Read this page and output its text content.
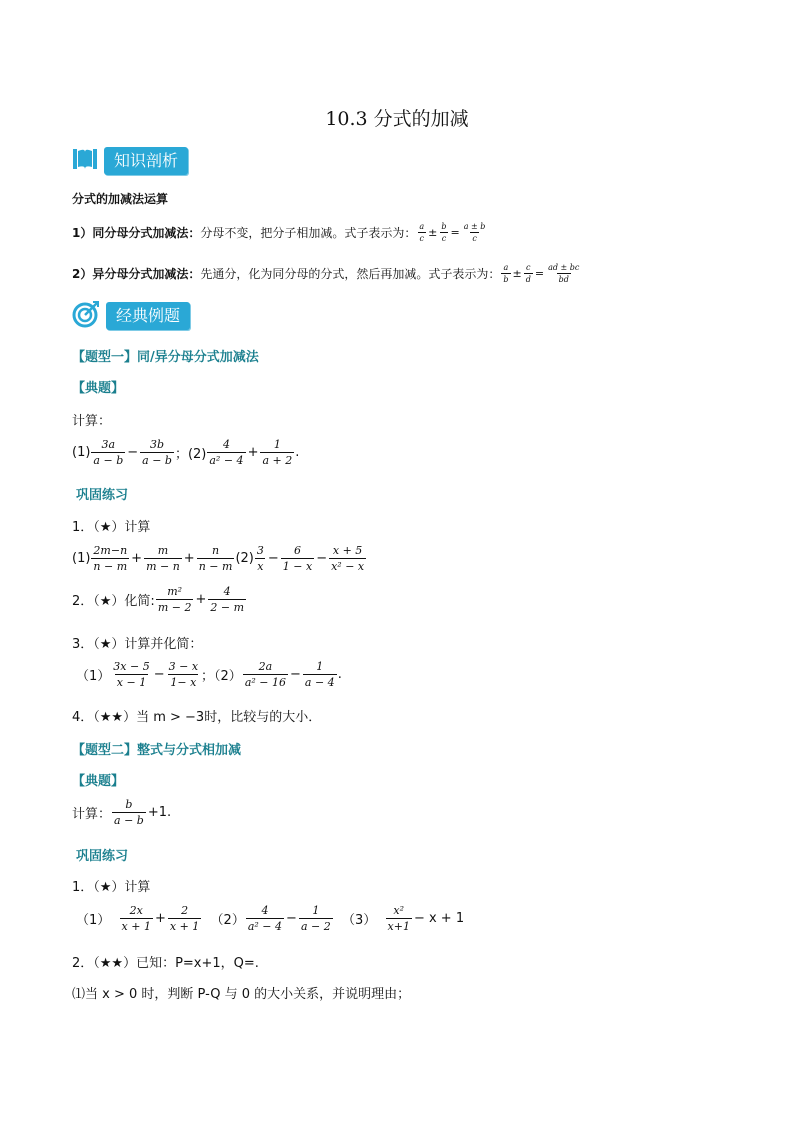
10.3 分式的加减
知识剖析
分式的加减法运算
1）同分母分式加减法： 分母不变，把分子相加减。式子表示为： $\frac{a}{c} \pm \frac{b}{c} = \frac{a \pm b}{c}$
2）异分母分式加减法： 先通分，化为同分母的分式，然后再加减。式子表示为： $\frac{a}{b} \pm \frac{c}{d} = \frac{ad \pm bc}{bd}$
经典例题
【题型一】同/异分母分式加减法
【典题】
计算：
$(1) \frac{3a}{a - b} - \frac{3b}{a - b}$ ；$(2) \frac{4}{\text{a² − 4}} + \frac{1}{a + 2}$ .
巩固练习
1．（★）计算
$(1) \frac{2m-n}{n - m} + \frac{m}{m - n} + \frac{n}{n - m} (2) \frac{3}{x} - \frac{6}{1 - x} - \frac{x + 5}{\text{x² − x}}$
2．（★）化简: $\frac{\text{m²}}{m - 2} + \frac{4}{2 - m}$
3．（★）计算并化简：
$(1) \frac{3x - 5}{x - 1} - \frac{3 - x}{1- x}$ ；$(2) \frac{2a}{\text{a² − 16}} - \frac{1}{a - 4}$ .
4．（★★）当 m > −3时，比较与的大小．
【题型二】整式与分式相加减
【典题】
计算： $\frac{b}{a - b} +1$.
巩固练习
1．（★）计算
$(1) \frac{2x}{x + 1} + \frac{2}{x + 1} (2) \frac{4}{\text{a² − 4}} - \frac{1}{a - 2} (3) \frac{\text{x²}}{x+1} - x + 1$
2．（★★）已知：P=x+1，Q=.
⑴当 x > 0 时，判断 P-Q 与 0 的大小关系，并说明理由；
